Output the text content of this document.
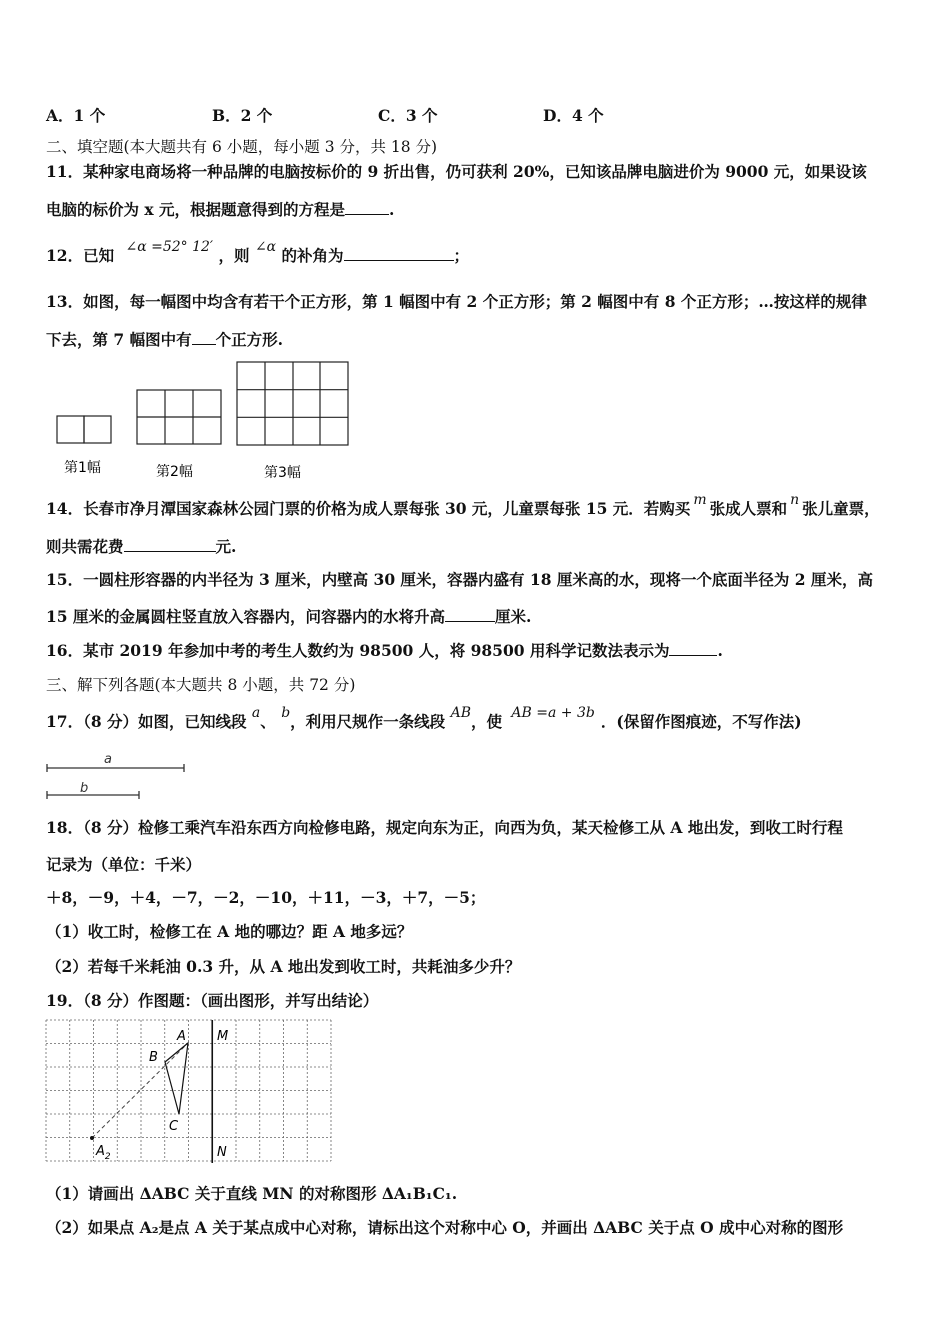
A．1 个	B．2 个	C．3 个	D．4 个
二、填空题(本大题共有 6 小题，每小题 3 分，共 18 分)
11．某种家电商场将一种品牌的电脑按标价的 9 折出售，仍可获利 20%，已知该品牌电脑进价为 9000 元，如果设该
电脑的标价为 x 元，根据题意得到的方程是	.
12．已知 ∠α =52° 12′ ，则 ∠α 的补角为	；
13．如图，每一幅图中均含有若干个正方形，第 1 幅图中有 2 个正方形；第 2 幅图中有 8 个正方形；…按这样的规律
下去，第 7 幅图中有 个正方形.
第1幅	第2幅	第3幅
14．长春市净月潭国家森林公园门票的价格为成人票每张 30 元，儿童票每张 15 元．若购买 m 张成人票和 n 张儿童票，
则共需花费	元.
15．一圆柱形容器的内半径为 3 厘米，内壁高 30 厘米，容器内盛有 18 厘米高的水，现将一个底面半径为 2 厘米，高
15 厘米的金属圆柱竖直放入容器内，问容器内的水将升高	厘米.
16．某市 2019 年参加中考的考生人数约为 98500 人，将 98500 用科学记数法表示为	.
三、解下列各题(本大题共 8 小题，共 72 分)
17．（8 分）如图，已知线段 a、 b，利用尺规作一条线段 AB，使 AB =a + 3b ．(保留作图痕迹，不写作法)
a
b
18．（8 分）检修工乘汽车沿东西方向检修电路，规定向东为正，向西为负，某天检修工从 A 地出发，到收工时行程
记录为（单位：千米）
＋8，－9，＋4，－7，－2，－10，＋11，－3，＋7，－5；
（1）收工时，检修工在 A 地的哪边？距 A 地多远？
（2）若每千米耗油 0.3 升，从 A 地出发到收工时，共耗油多少升？
19．（8 分）作图题：（画出图形，并写出结论）
A
B
C
M
N
$A_2$
（1）请画出 ΔABC 关于直线 MN 的对称图形 ΔA₁B₁C₁.
（2）如果点 A₂是点 A 关于某点成中心对称，请标出这个对称中心 O，并画出 ΔABC 关于点 O 成中心对称的图形
